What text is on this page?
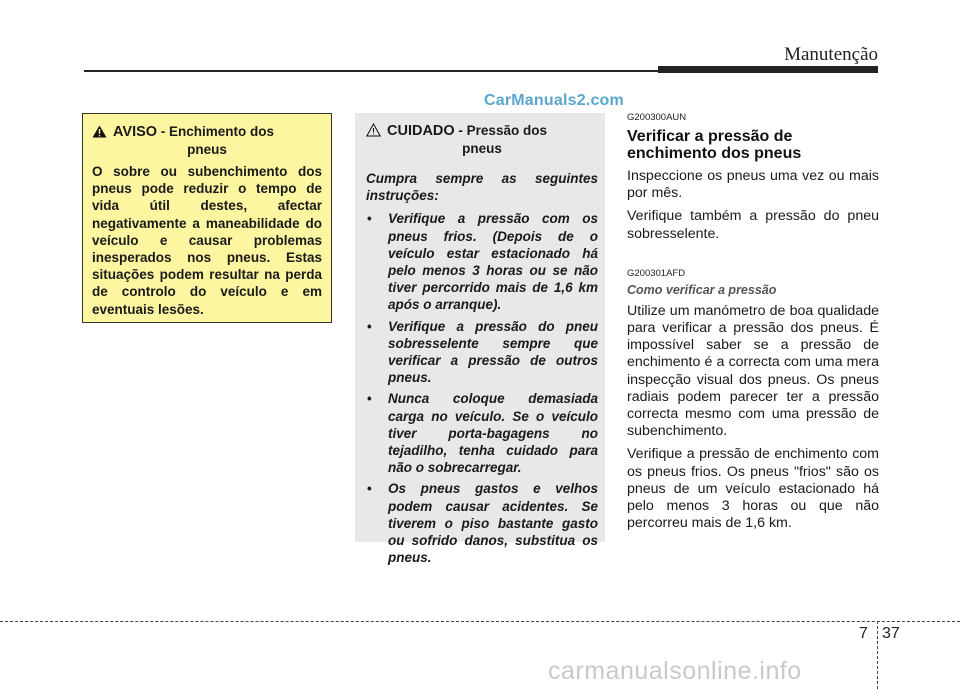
Manutenção
CarManuals2.com
AVISO - Enchimento dos
pneus
O sobre ou subenchimento dos pneus pode reduzir o tempo de vida útil destes, afectar negativamente a maneabilidade do veículo e causar problemas inesperados nos pneus. Estas situações podem resultar na perda de controlo do veículo e em eventuais lesões.
CUIDADO - Pressão dos
pneus
Cumpra sempre as seguintes instruções:
• Verifique a pressão com os pneus frios. (Depois de o veículo estar estacionado há pelo menos 3 horas ou se não tiver percorrido mais de 1,6 km após o arranque).
• Verifique a pressão do pneu sobresselente sempre que verificar a pressão de outros pneus.
• Nunca coloque demasiada carga no veículo. Se o veículo tiver porta-bagagens no tejadilho, tenha cuidado para não o sobrecarregar.
• Os pneus gastos e velhos podem causar acidentes. Se tiverem o piso bastante gasto ou sofrido danos, substitua os pneus.
G200300AUN
Verificar a pressão de enchimento dos pneus
Inspeccione os pneus uma vez ou mais por mês.
Verifique também a pressão do pneu sobresselente.
G200301AFD
Como verificar a pressão
Utilize um manómetro de boa qualidade para verificar a pressão dos pneus. É impossível saber se a pressão de enchimento é a correcta com uma mera inspecção visual dos pneus. Os pneus radiais podem parecer ter a pressão correcta mesmo com uma pressão de subenchimento.
Verifique a pressão de enchimento com os pneus frios. Os pneus "frios" são os pneus de um veículo estacionado há pelo menos 3 horas ou que não percorreu mais de 1,6 km.
7 37
carmanualsonline.info
